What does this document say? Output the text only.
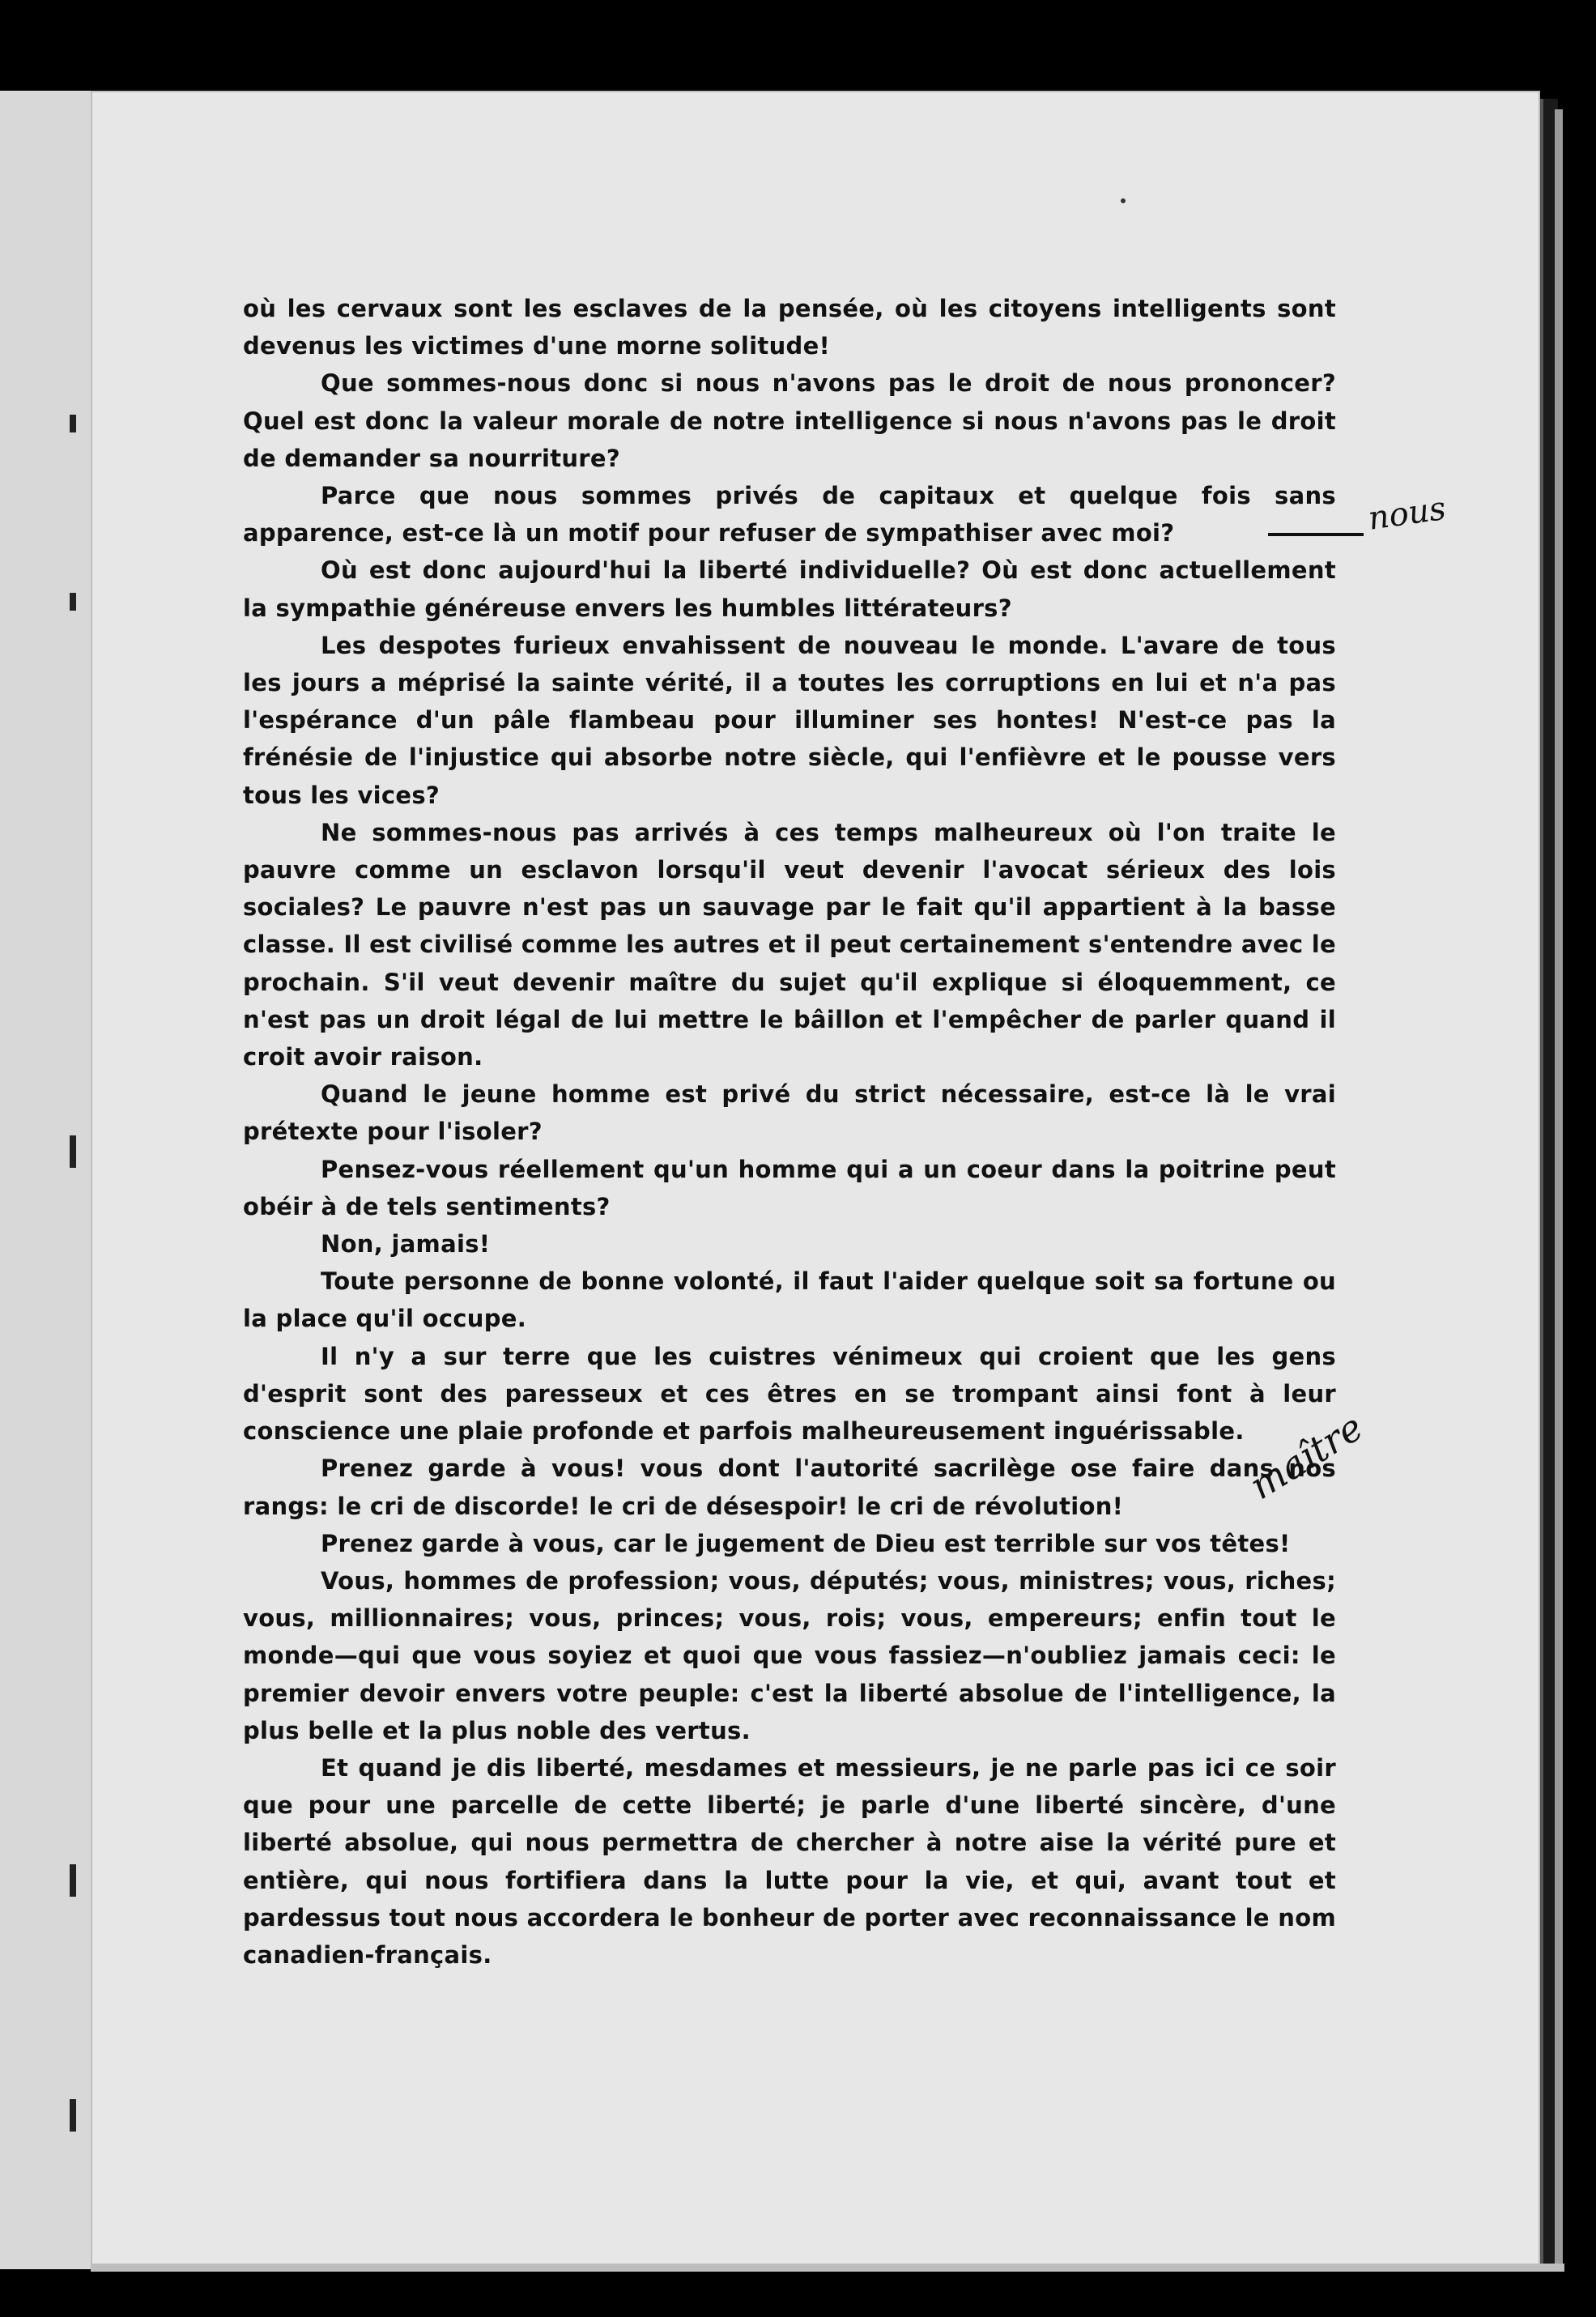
où les cervaux sont les esclaves de la pensée, où les citoyens intelligents sont devenus les victimes d'une morne solitude!

Que sommes-nous donc si nous n'avons pas le droit de nous prononcer? Quel est donc la valeur morale de notre intelligence si nous n'avons pas le droit de demander sa nourriture?

Parce que nous sommes privés de capitaux et quelque fois sans apparence, est-ce là un motif pour refuser de sympathiser avec moi?

Où est donc aujourd'hui la liberté individuelle? Où est donc actuellement la sympathie généreuse envers les humbles littérateurs?

Les despotes furieux envahissent de nouveau le monde. L'avare de tous les jours a méprisé la sainte vérité, il a toutes les corruptions en lui et n'a pas l'espérance d'un pâle flambeau pour illuminer ses hontes! N'est-ce pas la frénésie de l'injustice qui absorbe notre siècle, qui l'enfièvre et le pousse vers tous les vices?

Ne sommes-nous pas arrivés à ces temps malheureux où l'on traite le pauvre comme un esclavon lorsqu'il veut devenir l'avocat sérieux des lois sociales? Le pauvre n'est pas un sauvage par le fait qu'il appartient à la basse classe. Il est civilisé comme les autres et il peut certainement s'entendre avec le prochain. S'il veut devenir maître du sujet qu'il explique si éloquemment, ce n'est pas un droit légal de lui mettre le bâillon et l'empêcher de parler quand il croit avoir raison.

Quand le jeune homme est privé du strict nécessaire, est-ce là le vrai prétexte pour l'isoler?

Pensez-vous réellement qu'un homme qui a un coeur dans la poitrine peut obéir à de tels sentiments?

Non, jamais!

Toute personne de bonne volonté, il faut l'aider quelque soit sa fortune ou la place qu'il occupe.

Il n'y a sur terre que les cuistres vénimeux qui croient que les gens d'esprit sont des paresseux et ces êtres en se trompant ainsi font à leur conscience une plaie profonde et parfois malheureusement inguérissable.

Prenez garde à vous! vous dont l'autorité sacrilège ose faire dans nos rangs: le cri de discorde! le cri de désespoir! le cri de révolution!

Prenez garde à vous, car le jugement de Dieu est terrible sur vos têtes!

Vous, hommes de profession; vous, députés; vous, ministres; vous, riches; vous, millionnaires; vous, princes; vous, rois; vous, empereurs; enfin tout le monde—qui que vous soyiez et quoi que vous fassiez—n'oubliez jamais ceci: le premier devoir envers votre peuple: c'est la liberté absolue de l'intelligence, la plus belle et la plus noble des vertus.

Et quand je dis liberté, mesdames et messieurs, je ne parle pas ici ce soir que pour une parcelle de cette liberté; je parle d'une liberté sincère, d'une liberté absolue, qui nous permettra de chercher à notre aise la vérité pure et entière, qui nous fortifiera dans la lutte pour la vie, et qui, avant tout et pardessus tout nous accordera le bonheur de porter avec reconnaissance le nom canadien-français.

nous
maître
